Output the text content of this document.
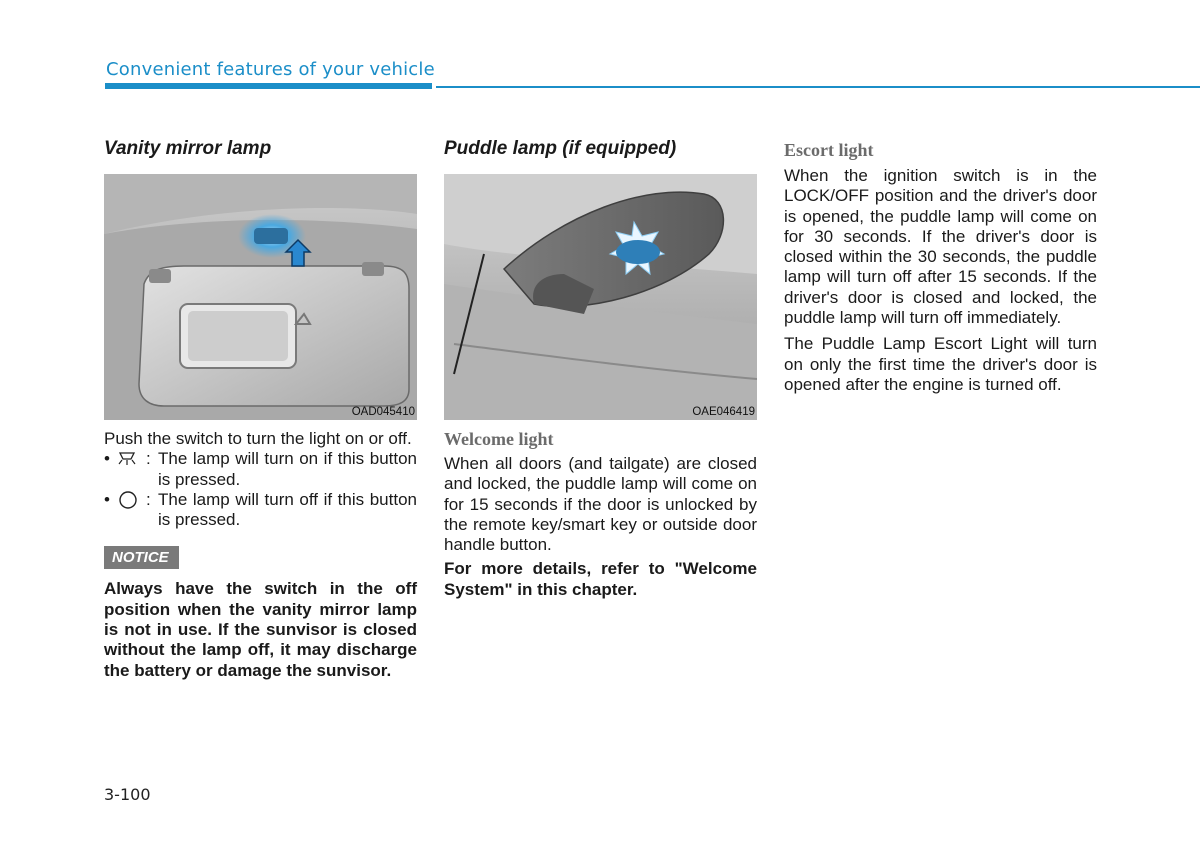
Convenient features of your vehicle
Vanity mirror lamp
OAD045410

Push the switch to turn the light on or off.

• : The lamp will turn on if this button is pressed.
• : The lamp will turn off if this button is pressed.
NOTICE

Always have the switch in the off position when the vanity mirror lamp is not in use. If the sunvisor is closed without the lamp off, it may discharge the battery or damage the sunvisor.

Puddle lamp (if equipped)
OAE046419
Welcome light

When all doors (and tailgate) are closed and locked, the puddle lamp will come on for 15 seconds if the door is unlocked by the remote key/smart key or outside door handle button.

For more details, refer to "Welcome System" in this chapter.

Escort light

When the ignition switch is in the LOCK/OFF position and the driver's door is opened, the puddle lamp will come on for 30 seconds. If the driver's door is closed within the 30 seconds, the puddle lamp will turn off after 15 seconds. If the driver's door is closed and locked, the puddle lamp will turn off immediately.

The Puddle Lamp Escort Light will turn on only the first time the driver's door is opened after the engine is turned off.

3-100
